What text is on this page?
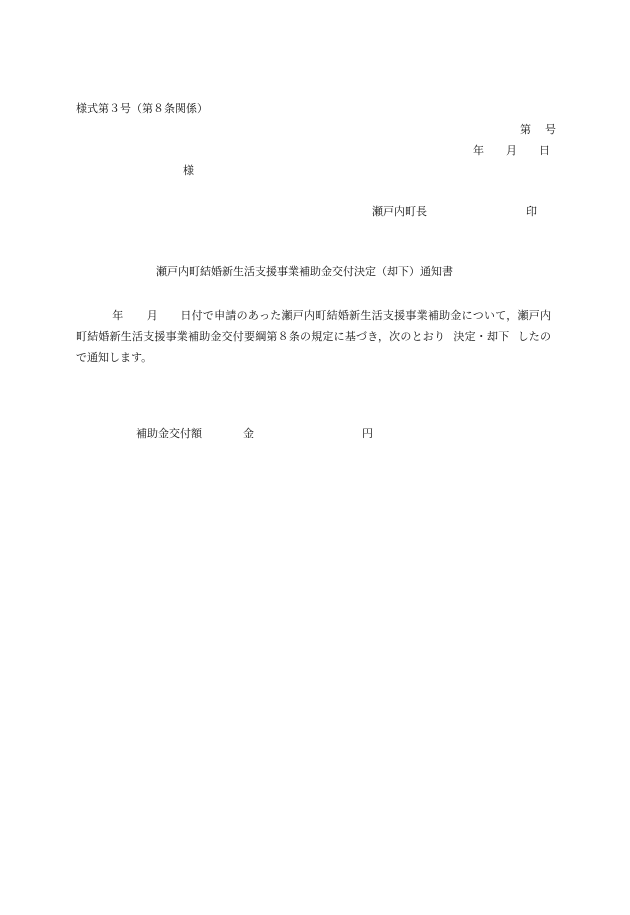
様式第３号（第８条関係）
第 号
年 月 日
様
瀬戸内町長	印
瀬戸内町結婚新生活支援事業補助金交付決定（却下）通知書
年 月 日付で申請のあった瀬戸内町結婚新生活支援事業補助金について，瀬戸内町結婚新生活支援事業補助金交付要綱第８条の規定に基づき，次のとおり 決定・却下 したので通知します。
補助金交付額	金	円
